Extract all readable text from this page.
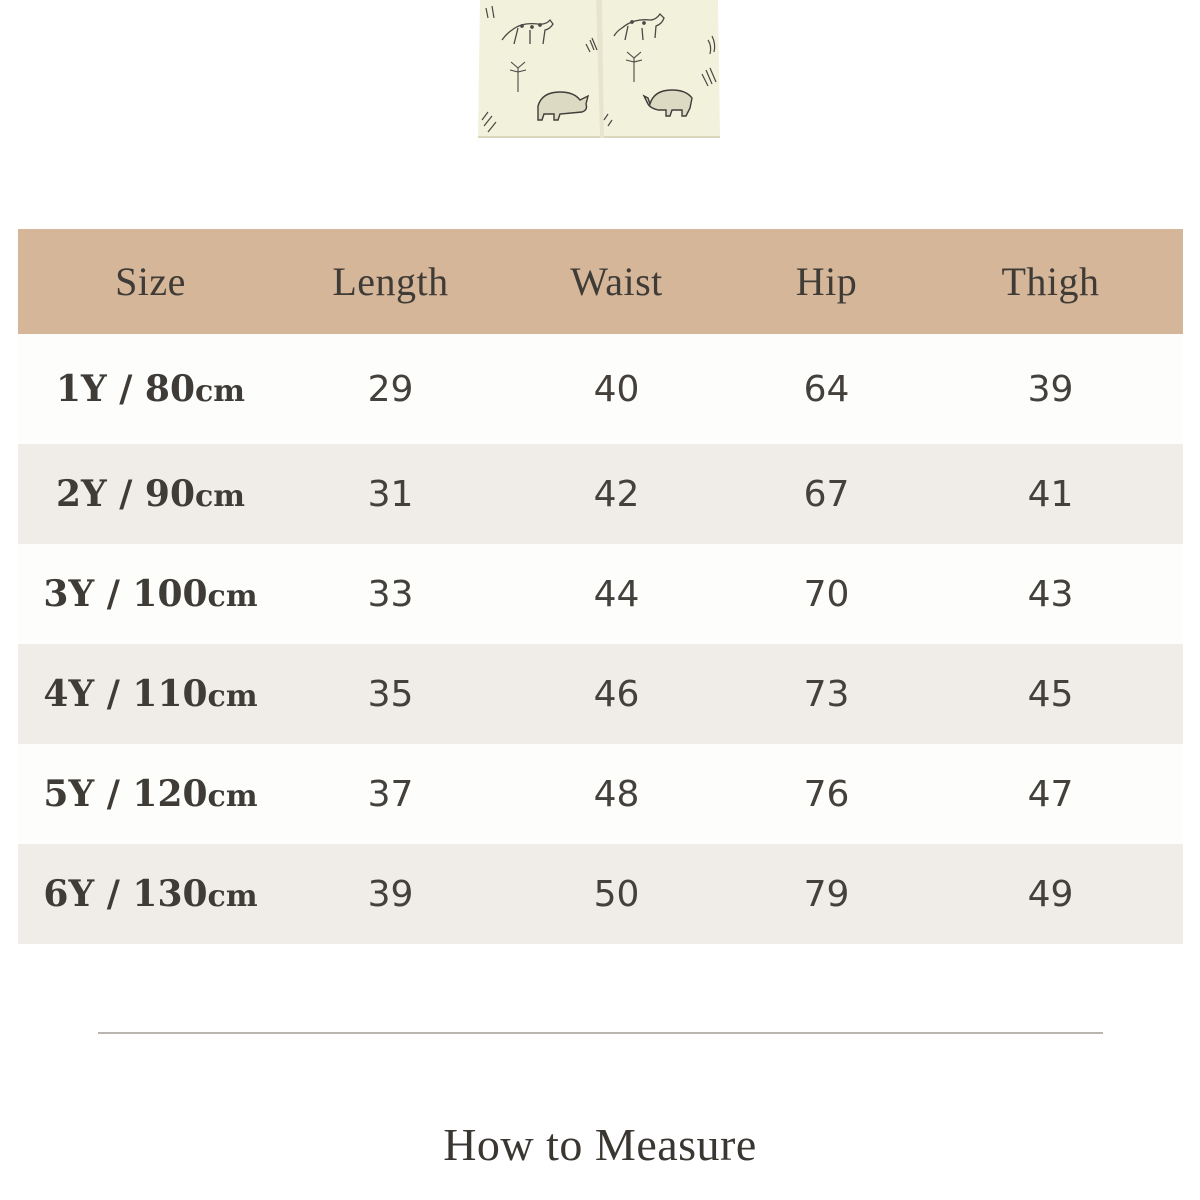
Size	Length	Waist	Hip	Thigh
1Y / 80cm	29	40	64	39
2Y / 90cm	31	42	67	41
3Y / 100cm	33	44	70	43
4Y / 110cm	35	46	73	45
5Y / 120cm	37	48	76	47
6Y / 130cm	39	50	79	49
How to Measure
